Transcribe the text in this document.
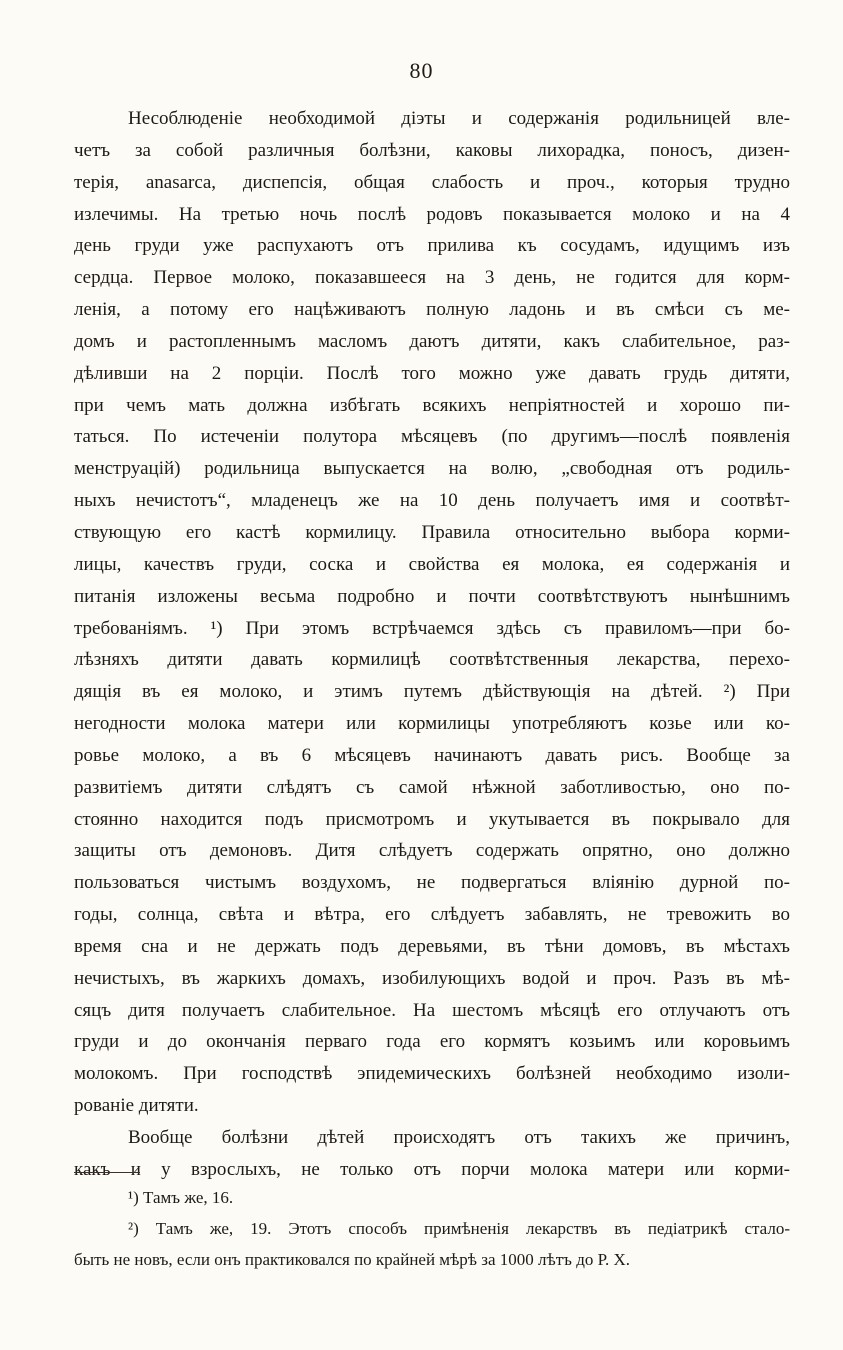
80
Несоблюденіе необходимой діэты и содержанія родильницей вле-
четъ за собой различныя болѣзни, каковы лихорадка, поносъ, дизен-
терія, anasarca, диспепсія, общая слабость и проч., которыя трудно
излечимы. На третью ночь послѣ родовъ показывается молоко и на 4
день груди уже распухаютъ отъ прилива къ сосудамъ, идущимъ изъ
сердца. Первое молоко, показавшееся на 3 день, не годится для корм-
ленія, а потому его нацѣживаютъ полную ладонь и въ смѣси съ ме-
домъ и растопленнымъ масломъ даютъ дитяти, какъ слабительное, раз-
дѣливши на 2 порціи. Послѣ того можно уже давать грудь дитяти,
при чемъ мать должна избѣгать всякихъ непріятностей и хорошо пи-
таться. По истеченіи полутора мѣсяцевъ (по другимъ—послѣ появленія
менструацій) родильница выпускается на волю, „свободная отъ родиль-
ныхъ нечистотъ“, младенецъ же на 10 день получаетъ имя и соотвѣт-
ствующую его кастѣ кормилицу. Правила относительно выбора корми-
лицы, качествъ груди, соска и свойства ея молока, ея содержанія и
питанія изложены весьма подробно и почти соотвѣтствуютъ нынѣшнимъ
требованіямъ. ¹) При этомъ встрѣчаемся здѣсь съ правиломъ—при бо-
лѣзняхъ дитяти давать кормилицѣ соотвѣтственныя лекарства, перехо-
дящія въ ея молоко, и этимъ путемъ дѣйствующія на дѣтей. ²) При
негодности молока матери или кормилицы употребляютъ козье или ко-
ровье молоко, а въ 6 мѣсяцевъ начинаютъ давать рисъ. Вообще за
развитіемъ дитяти слѣдятъ съ самой нѣжной заботливостью, оно по-
стоянно находится подъ присмотромъ и укутывается въ покрывало для
защиты отъ демоновъ. Дитя слѣдуетъ содержать опрятно, оно должно
пользоваться чистымъ воздухомъ, не подвергаться вліянію дурной по-
годы, солнца, свѣта и вѣтра, его слѣдуетъ забавлять, не тревожить во
время сна и не держать подъ деревьями, въ тѣни домовъ, въ мѣстахъ
нечистыхъ, въ жаркихъ домахъ, изобилующихъ водой и проч. Разъ въ мѣ-
сяцъ дитя получаетъ слабительное. На шестомъ мѣсяцѣ его отлучаютъ отъ
груди и до окончанія перваго года его кормятъ козьимъ или коровьимъ
молокомъ. При господствѣ эпидемическихъ болѣзней необходимо изоли-
рованіе дитяти.
Вообще болѣзни дѣтей происходятъ отъ такихъ же причинъ,
какъ и у взрослыхъ, не только отъ порчи молока матери или корми-
¹) Тамъ же, 16.
²) Тамъ же, 19. Этотъ способъ примѣненія лекарствъ въ педіатрикѣ стало-
быть не новъ, если онъ практиковался по крайней мѣрѣ за 1000 лѣтъ до Р. Х.
